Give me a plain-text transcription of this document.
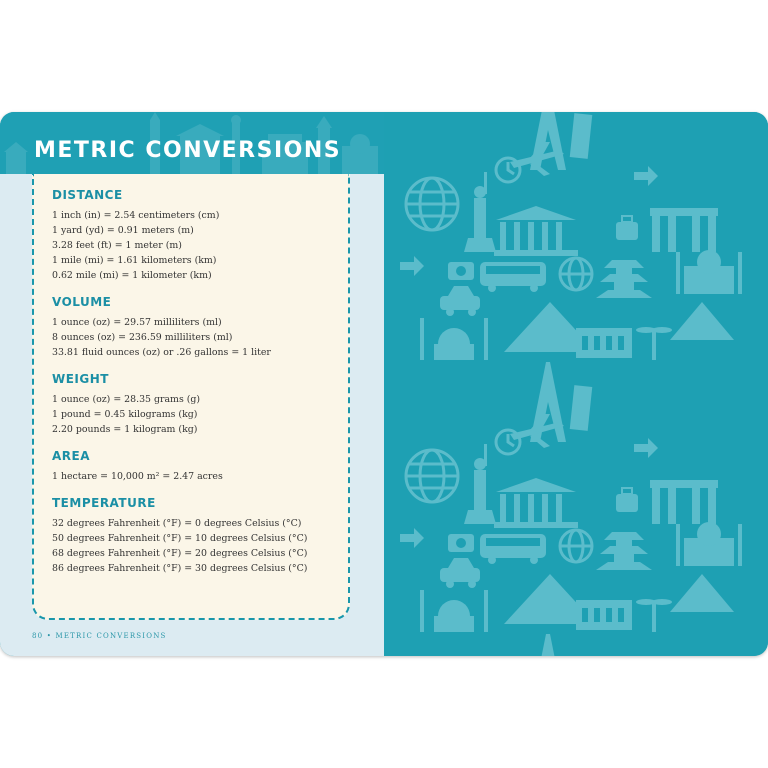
METRIC CONVERSIONS
DISTANCE
1 inch (in) = 2.54 centimeters (cm)
1 yard (yd) = 0.91 meters (m)
3.28 feet (ft) = 1 meter (m)
1 mile (mi) = 1.61 kilometers (km)
0.62 mile (mi) = 1 kilometer (km)
VOLUME
1 ounce (oz) = 29.57 milliliters (ml)
8 ounces (oz) = 236.59 milliliters (ml)
33.81 fluid ounces (oz) or .26 gallons = 1 liter
WEIGHT
1 ounce (oz) = 28.35 grams (g)
1 pound = 0.45 kilograms (kg)
2.20 pounds = 1 kilogram (kg)
AREA
1 hectare = 10,000 m² = 2.47 acres
TEMPERATURE
32 degrees Fahrenheit (°F) = 0 degrees Celsius (°C)
50 degrees Fahrenheit (°F) = 10 degrees Celsius (°C)
68 degrees Fahrenheit (°F) = 20 degrees Celsius (°C)
86 degrees Fahrenheit (°F) = 30 degrees Celsius (°C)
80 • METRIC CONVERSIONS
